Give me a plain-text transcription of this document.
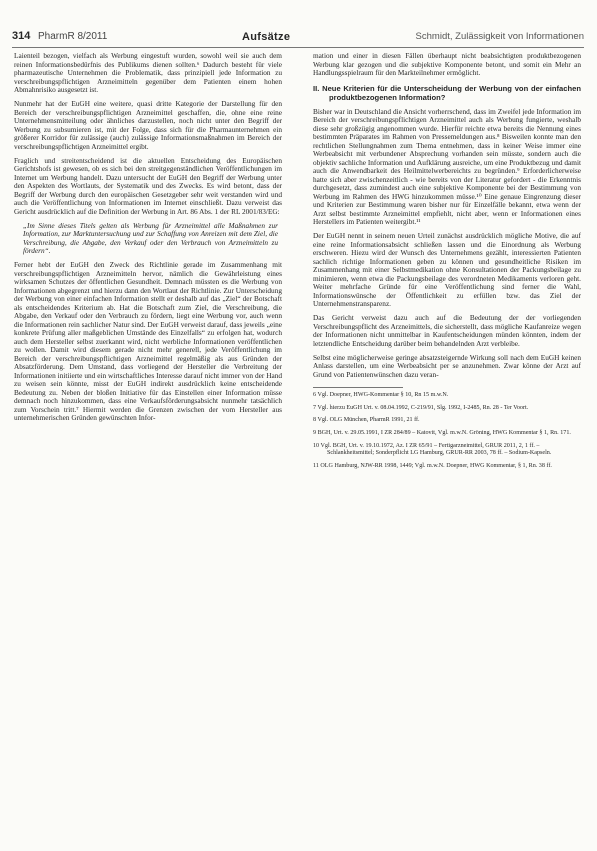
314 PharmR 8/2011	Aufsätze	Schmidt, Zulässigkeit von Informationen

Laienteil bezogen, vielfach als Werbung eingestuft wurden, sowohl weil sie auch dem reinen Informationsbedürfnis des Publikums dienen sollten.⁶ Dadurch besteht für viele pharmazeutische Unternehmen die Problematik, dass prinzipiell jede Information zu verschreibungspflichtigen Arzneimitteln gegenüber dem Patienten einem hohen Abmahnrisiko ausgesetzt ist.

Nunmehr hat der EuGH eine weitere, quasi dritte Kategorie der Darstellung für den Bereich der verschreibungspflichtigen Arzneimittel geschaffen, die, ohne eine reine Unternehmensmitteilung oder ähnliches darzustellen, noch nicht unter den Begriff der Werbung zu subsumieren ist, mit der Folge, dass sich für die Pharmaunternehmen ein größerer Korridor für zulässige (auch) zulässige Informationsmaßnahmen im Bereich der verschreibungspflichtigen Arzneimittel ergibt.

Fraglich und streitentscheidend ist die aktuellen Entscheidung des Europäischen Gerichtshofs ist gewesen, ob es sich bei den streitgegenständlichen Veröffentlichungen im Internet um Werbung handelt. Dazu untersucht der EuGH den Begriff der Werbung unter den Aspekten des Wortlauts, der Systematik und des Zwecks. Es wird betont, dass der Begriff der Werbung durch den europäischen Gesetzgeber sehr weit verstanden wird und auch die Veröffentlichung von Informationen im Internet einschließt. Dazu verweist das Gericht ausdrücklich auf die Definition der Werbung in Art. 86 Abs. 1 der RL 2001/83/EG:

„Im Sinne dieses Titels gelten als Werbung für Arzneimittel alle Maßnahmen zur Information, zur Marktuntersuchung und zur Schaffung von Anreizen mit dem Ziel, die Verschreibung, die Abgabe, den Verkauf oder den Verbrauch von Arzneimitteln zu fördern“.

Ferner hebt der EuGH den Zweck des Richtlinie gerade im Zusammenhang mit verschreibungspflichtigen Arzneimitteln hervor, nämlich die Gewährleistung eines wirksamen Schutzes der öffentlichen Gesundheit. Demnach müssten es die Werbung von Informationen abgegrenzt und hierzu dann den Wortlaut der Richtlinie. Zur Unterscheidung der Werbung von einer einfachen Information stellt er deshalb auf das „Ziel“ der Botschaft als entscheidendes Kriterium ab. Hat die Botschaft zum Ziel, die Verschreibung, die Abgabe, den Verkauf oder den Verbrauch zu fördern, liegt eine Werbung vor, auch wenn die Informationen rein sachlicher Natur sind. Der EuGH verweist darauf, dass jeweils „eine konkrete Prüfung aller maßgeblichen Umstände des Einzelfalls“ zu erfolgen hat, wodurch auch dem Hersteller selbst zuerkannt wird, nicht werbliche Informationen veröffentlichen zu wollen. Damit wird diesem gerade nicht mehr generell, jede Veröffentlichung im Bereich der verschreibungspflichtigen Arzneimittel regelmäßig als aus Gründen der Absatzförderung. Dem Umstand, dass vorliegend der Hersteller die Verbreitung der Informationen initiierte und ein wirtschaftliches Interesse darauf nicht immer von der Hand zu weisen sein könnte, misst der EuGH indirekt ausdrücklich keine entscheidende Bedeutung zu. Neben der bloßen Initiative für das Einstellen einer Information müsse demnach noch hinzukommen, dass eine Verkaufsförderungsabsicht nunmehr tatsächlich zum Vorschein tritt.⁷ Hiermit werden die Grenzen zwischen der vom Hersteller aus unternehmerischen Gründen gewünschten Infor-

mation und einer in diesen Fällen überhaupt nicht beabsichtigten produktbezogenen Werbung klar gezogen und die subjektive Komponente betont, und somit ein Mehr an Handlungsspielraum für den Markteilnehmer ermöglicht.

II. Neue Kriterien für die Unterscheidung der Werbung von der einfachen produktbezogenen Information?

Bisher war in Deutschland die Ansicht vorherrschend, dass im Zweifel jede Information im Bereich der verschreibungspflichtigen Arzneimittel auch als Werbung fungierte, weshalb diese sehr großzügig angenommen wurde. Hierfür reichte etwa bereits die Nennung eines bestimmten Präparates im Rahmen von Pressemeldungen aus.⁸ Bisweilen konnte man den rechtlichen Stellungnahmen zum Thema entnehmen, dass in keiner Weise immer eine Werbeabsicht mit verbundener Absprechung vorhanden sein müsste, sondern auch die objektiv sachliche Information und Aufklärung ausreiche, um eine Produktbezug und damit auch die Anwendbarkeit des Heilmittelwerbereichts zu begründen.⁹ Erforderlicherweise hatte sich aber zwischenzeitlich - wie bereits von der Literatur gefordert - die Erkenntnis durchgesetzt, dass zumindest auch eine subjektive Komponente bei der Bestimmung von Werbung im Rahmen des HWG hinzukommen müsse.¹⁰ Eine genaue Eingrenzung dieser und Kriterien zur Bestimmung waren bisher nur für Einzelfälle bekannt, etwa wenn der Arzt selbst bestimmte Arzneimittel empfiehlt, nicht aber, wenn er Informationen eines Herstellers im Patienten weitergibt.¹¹

Der EuGH nennt in seinem neuen Urteil zunächst ausdrücklich mögliche Motive, die auf eine reine Informationsabsicht schließen lassen und die Einordnung als Werbung erschweren. Hiezu wird der Wunsch des Unternehmens gezählt, interessierten Patienten sachlich richtige Informationen geben zu können und gesundheitliche Risiken im Zusammenhang mit einer Selbstmedikation ohne Konsultationen der Packungsbeilage zu minimieren, wenn etwa die Packungsbeilage des verordneten Medikaments verloren geht. Weiter mehrfache Gründe für eine Veröffentlichung sind ferner die Wahl, Informationswünsche der Öffentlichkeit zu erfüllen bzw. das Ziel der Unternehmenstransparenz.

Das Gericht verweist dazu auch auf die Bedeutung der der vorliegenden Verschreibungspflicht des Arzneimittels, die sicherstellt, dass mögliche Kaufanreize wegen der Informationen nicht unmittelbar in Kaufentscheidungen münden könnten, indem der letztendliche Entscheidung darüber beim behandelnden Arzt verbleibe.

Selbst eine möglicherweise geringe absatzsteigernde Wirkung soll nach dem EuGH keinen Anlass darstellen, um eine Werbeabsicht per se anzunehmen. Zwar könne der Arzt auf Grund von Patientenwünschen dazu veran-

6 Vgl. Doepner, HWG-Kommentar § 10, Rn 15 m.w.N.

7 Vgl. hierzu EuGH Urt. v. 08.04.1992, C-219/91, Slg. 1992, I-2485, Rn. 28 - Ter Voort.

8 Vgl. OLG München, PharmR 1991, 21 ff.

9 BGH, Urt. v. 29.05.1991, I ZR 284/89 – Katovit, Vgl. m.w.N. Gröning, HWG Kommentar § 1, Rn. 171.

10 Vgl. BGH, Urt. v. 19.10.1972, Az. I ZR 65/91 – Fertigarzneimittel, GRUR 2011, 2, 1 ff. – Schlankheitsmittel; Sonderpflicht LG Hamburg, GRUR-RR 2003, 78 ff. – Sodium-Kapseln.

11 OLG Hamburg, NJW-RR 1998, 1449; Vgl. m.w.N. Doepner, HWG Kommentar, § 1, Rn. 38 ff.
